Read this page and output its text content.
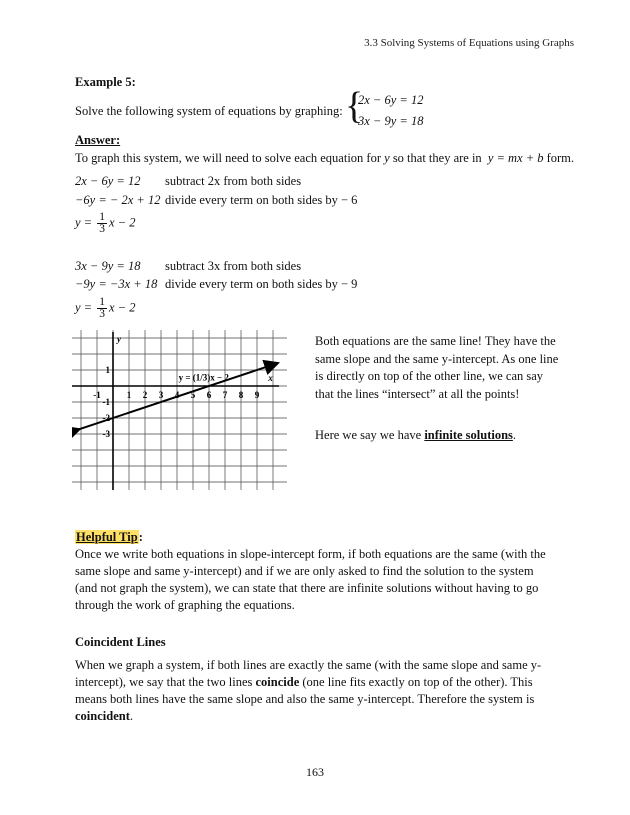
3.3 Solving Systems of Equations using Graphs
Example 5:
Solve the following system of equations by graphing: {
2x − 6y = 12
3x − 9y = 18
Answer:
To graph this system, we will need to solve each equation for y so that they are in y = mx + b form.
2x − 6y = 12 subtract 2x from both sides
−6y = − 2x + 12 divide every term on both sides by − 6
$y = \frac{1}{3}$ x − 2
3x − 9y = 18 subtract 3x from both sides
−9y = −3x + 18 divide every term on both sides by − 9
$y = \frac{1}{3}$ x − 2
-1	1 2 3 4 5 6 7 8 9
1
-1
-2
-3
y = (1/3)x − 2	x
y	Both equations are the same line! They have the same slope and the same y-intercept. As one line is directly on top of the other line, we can say that the lines “intersect” at all the points!
Here we say we have infinite solutions.
Helpful Tip:
Once we write both equations in slope-intercept form, if both equations are the same (with the same slope and same y-intercept) and if we are only asked to find the solution to the system (and not graph the system), we can state that there are infinite solutions without having to go through the work of graphing the equations.
Coincident Lines
When we graph a system, if both lines are exactly the same (with the same slope and same y-intercept), we say that the two lines coincide (one line fits exactly on top of the other). This means both lines have the same slope and also the same y-intercept. Therefore the system is coincident.
163
